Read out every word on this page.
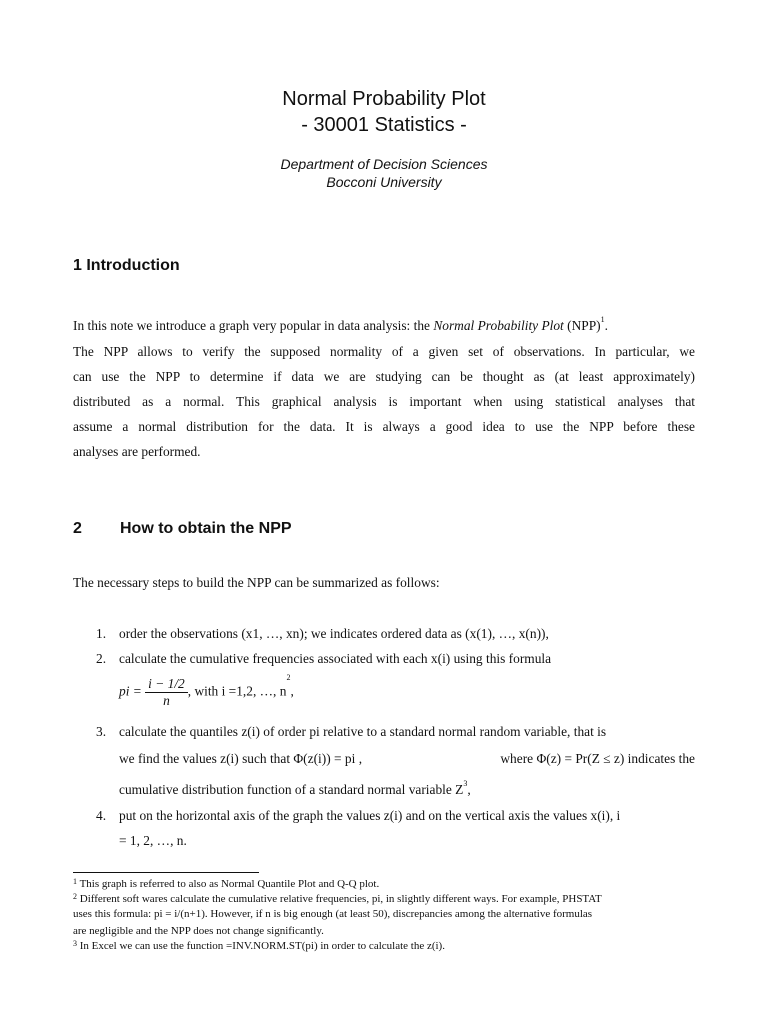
Normal Probability Plot
- 30001 Statistics -
Department of Decision Sciences
Bocconi University
1 Introduction
In this note we introduce a graph very popular in data analysis: the Normal Probability Plot (NPP)$^1$.
The NPP allows to verify the supposed normality of a given set of observations. In particular, we
can use the NPP to determine if data we are studying can be thought as (at least approximately)
distributed as a normal. This graphical analysis is important when using statistical analyses that
assume a normal distribution for the data. It is always a good idea to use the NPP before these
analyses are performed.
2 How to obtain the NPP
The necessary steps to build the NPP can be summarized as follows:
1. order the observations (x1, …, xn); we indicates ordered data as (x(1), …, x(n)),
2. calculate the cumulative frequencies associated with each x(i) using this formula
pi = $\frac{i - 1/2}{n}$ , with i =1,2, …, $n^2$,
3. calculate the quantiles z(i) of order pi relative to a standard normal random variable, that is
we find the values z(i) such that Φ(z(i)) = pi ,	where Φ(z) = Pr(Z ≤ z) indicates the
cumulative distribution function of a standard normal variable $Z^3$,
4. put on the horizontal axis of the graph the values z(i) and on the vertical axis the values x(i), i
= 1, 2, …, n.
$^1$ This graph is referred to also as Normal Quantile Plot and Q-Q plot.
$^2$ Different soft wares calculate the cumulative relative frequencies, pi, in slightly different ways. For example, PHSTAT
uses this formula: pi = i/(n+1). However, if n is big enough (at least 50), discrepancies among the alternative formulas
are negligible and the NPP does not change significantly.
$^3$ In Excel we can use the function =INV.NORM.ST(pi) in order to calculate the z(i).
